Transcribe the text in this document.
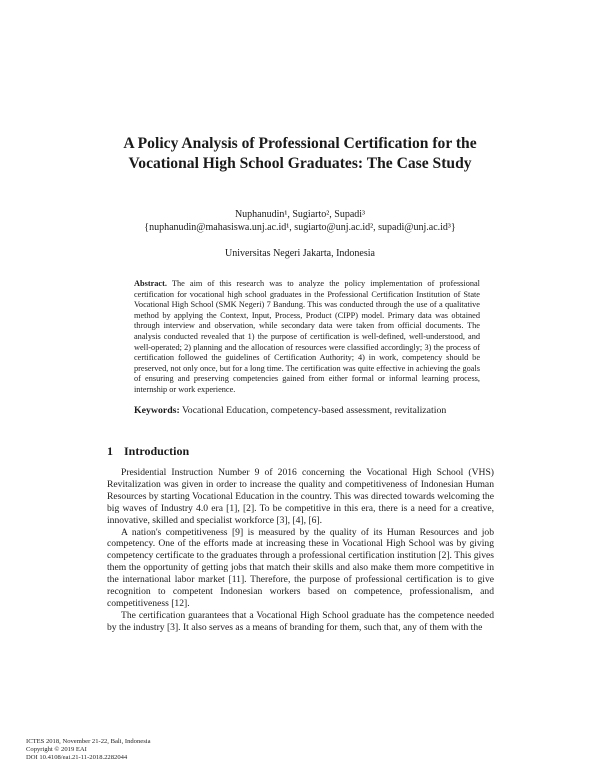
A Policy Analysis of Professional Certification for the Vocational High School Graduates: The Case Study
Nuphanudin¹, Sugiarto², Supadi³
{nuphanudin@mahasiswa.unj.ac.id¹, sugiarto@unj.ac.id², supadi@unj.ac.id³}
Universitas Negeri Jakarta, Indonesia
Abstract. The aim of this research was to analyze the policy implementation of professional certification for vocational high school graduates in the Professional Certification Institution of State Vocational High School (SMK Negeri) 7 Bandung. This was conducted through the use of a qualitative method by applying the Context, Input, Process, Product (CIPP) model. Primary data was obtained through interview and observation, while secondary data were taken from official documents. The analysis conducted revealed that 1) the purpose of certification is well-defined, well-understood, and well-operated; 2) planning and the allocation of resources were classified accordingly; 3) the process of certification followed the guidelines of Certification Authority; 4) in work, competency should be preserved, not only once, but for a long time. The certification was quite effective in achieving the goals of ensuring and preserving competencies gained from either formal or informal learning process, internship or work experience.
Keywords: Vocational Education, competency-based assessment, revitalization
1 Introduction

Presidential Instruction Number 9 of 2016 concerning the Vocational High School (VHS) Revitalization was given in order to increase the quality and competitiveness of Indonesian Human Resources by starting Vocational Education in the country. This was directed towards welcoming the big waves of Industry 4.0 era [1], [2]. To be competitive in this era, there is a need for a creative, innovative, skilled and specialist workforce [3], [4], [6].

A nation's competitiveness [9] is measured by the quality of its Human Resources and job competency. One of the efforts made at increasing these in Vocational High School was by giving competency certificate to the graduates through a professional certification institution [2]. This gives them the opportunity of getting jobs that match their skills and also make them more competitive in the international labor market [11]. Therefore, the purpose of professional certification is to give recognition to competent Indonesian workers based on competence, professionalism, and competitiveness [12].

The certification guarantees that a Vocational High School graduate has the competence needed by the industry [3]. It also serves as a means of branding for them, such that, any of them with the

ICTES 2018, November 21-22, Bali, Indonesia
Copyright © 2019 EAI
DOI 10.4108/eai.21-11-2018.2282044
